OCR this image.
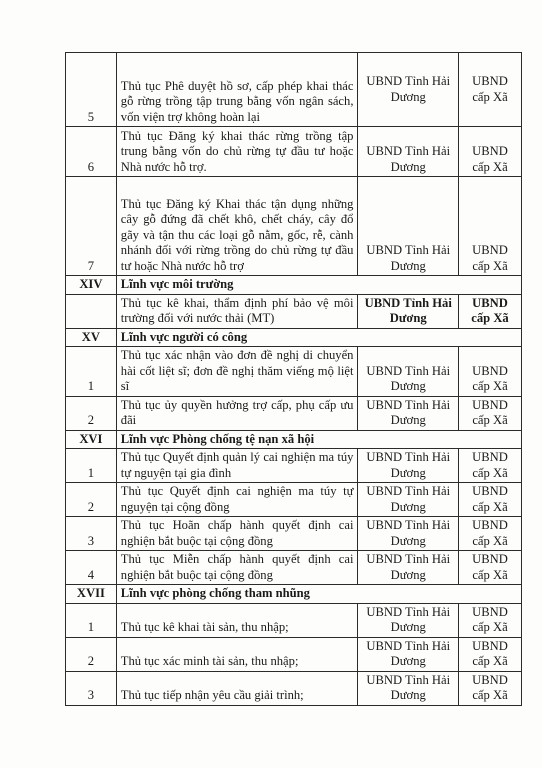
5	Thủ tục Phê duyệt hồ sơ, cấp phép khai thác gỗ rừng trồng tập trung bằng vốn ngân sách, vốn viện trợ không hoàn lại	UBND Tỉnh Hải Dương	UBND cấp Xã
6	Thủ tục Đăng ký khai thác rừng trồng tập trung bằng vốn do chủ rừng tự đầu tư hoặc Nhà nước hỗ trợ.	UBND Tỉnh Hải Dương	UBND cấp Xã
7	Thủ tục Đăng ký Khai thác tận dụng những cây gỗ đứng đã chết khô, chết cháy, cây đổ gãy và tận thu các loại gỗ nằm, gốc, rễ, cành nhánh đối với rừng trồng do chủ rừng tự đầu tư hoặc Nhà nước hỗ trợ	UBND Tỉnh Hải Dương	UBND cấp Xã
XIV	Lĩnh vực môi trường		

	Thủ tục kê khai, thẩm định phí bảo vệ môi trường đối với nước thải (MT)	UBND Tỉnh Hải Dương	UBND cấp Xã
XV	Lĩnh vực người có công		
1	Thủ tục xác nhận vào đơn đề nghị di chuyển hài cốt liệt sĩ; đơn đề nghị thăm viếng mộ liệt sĩ	UBND Tỉnh Hải Dương	UBND cấp Xã
2	Thủ tục ủy quyền hưởng trợ cấp, phụ cấp ưu đãi	UBND Tỉnh Hải Dương	UBND cấp Xã
XVI	Lĩnh vực Phòng chống tệ nạn xã hội		
1	Thủ tục Quyết định quản lý cai nghiện ma túy tự nguyện tại gia đình	UBND Tỉnh Hải Dương	UBND cấp Xã
2	Thủ tục Quyết định cai nghiện ma túy tự nguyện tại cộng đồng	UBND Tỉnh Hải Dương	UBND cấp Xã
3	Thủ tục Hoãn chấp hành quyết định cai nghiện bắt buộc tại cộng đồng	UBND Tỉnh Hải Dương	UBND cấp Xã
4	Thủ tục Miễn chấp hành quyết định cai nghiện bắt buộc tại cộng đồng	UBND Tỉnh Hải Dương	UBND cấp Xã
XVII	Lĩnh vực phòng chống tham nhũng		
1	Thủ tục kê khai tài sản, thu nhập;	UBND Tỉnh Hải Dương	UBND cấp Xã
2	Thủ tục xác minh tài sản, thu nhập;	UBND Tỉnh Hải Dương	UBND cấp Xã
3	Thủ tục tiếp nhận yêu cầu giải trình;	UBND Tỉnh Hải Dương	UBND cấp Xã
